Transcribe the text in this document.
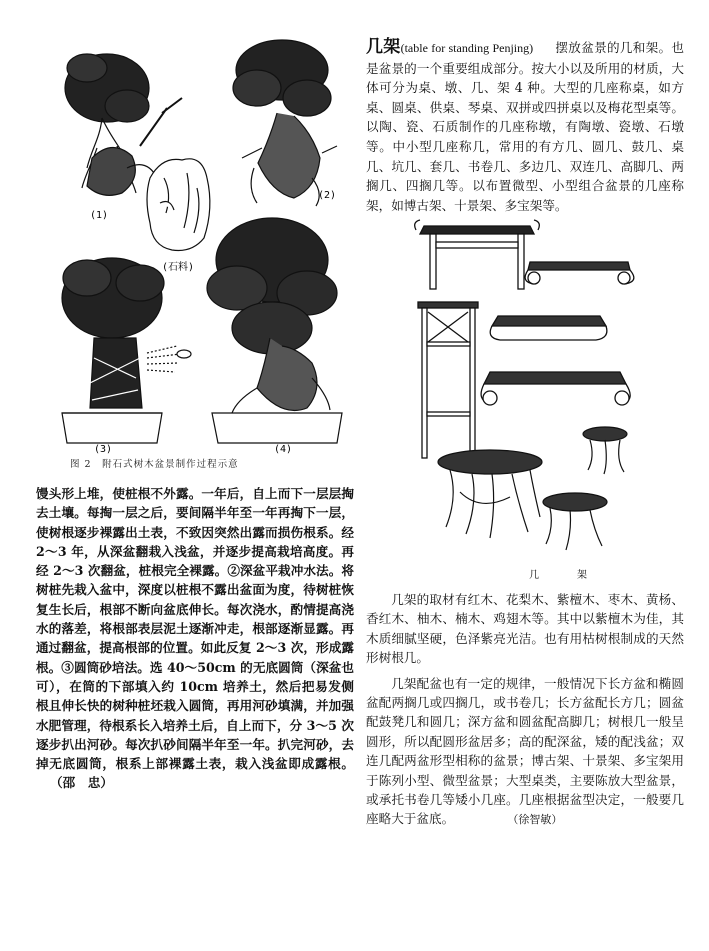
(1)
(石料)
(2)
(3)	(4)
图 2　附石式树木盆景制作过程示意

馒头形上堆，使桩根不外露。一年后，自上而下一层层掏去土壤。每掏一层之后，要间隔半年至一年再掏下一层，使树根逐步裸露出土表，不致因突然出露而损伤根系。经 2～3 年，从深盆翻栽入浅盆，并逐步提高栽培高度。再经 2～3 次翻盆，桩根完全裸露。②深盆平栽冲水法。将树桩先栽入盆中，深度以桩根不露出盆面为度，待树桩恢复生长后，根部不断向盆底伸长。每次浇水，酌情提高浇水的落差，将根部表层泥土逐渐冲走，根部逐渐显露。再通过翻盆，提高根部的位置。如此反复 2～3 次，形成露根。③圆筒砂培法。选 40～50cm 的无底圆筒（深盆也可），在筒的下部填入约 10cm 培养土，然后把易发侧根且伸长快的树种桩坯栽入圆筒，再用河砂填满，并加强水肥管理，待根系长入培养土后，自上而下，分 3～5 次逐步扒出河砂。每次扒砂间隔半年至一年。扒完河砂，去掉无底圆筒，根系上部裸露土表，栽入浅盆即成露根。 （邵　忠）

几架(table for standing Penjing) 摆放盆景的几和架。也是盆景的一个重要组成部分。按大小以及所用的材质，大体可分为桌、墩、几、架 4 种。大型的几座称桌，如方桌、圆桌、供桌、琴桌、双拼或四拼桌以及梅花型桌等。以陶、瓷、石质制作的几座称墩，有陶墩、瓷墩、石墩等。中小型几座称几，常用的有方几、圆几、鼓几、桌几、坑几、套几、书卷几、多边几、双连几、高脚几、两搁几、四搁几等。以布置微型、小型组合盆景的几座称架，如博古架、十景架、多宝架等。
几　架

几架的取材有红木、花梨木、紫檀木、枣木、黄杨、香红木、柚木、楠木、鸡翅木等。其中以紫檀木为佳，其木质细腻坚硬，色泽紫亮光洁。也有用枯树根制成的天然形树根几。

几架配盆也有一定的规律，一般情况下长方盆和椭圆盆配两搁几或四搁几，或书卷几；长方盆配长方几；圆盆配鼓凳几和圆几；深方盆和圆盆配高脚几；树根几一般呈圆形，所以配圆形盆居多；高的配深盆，矮的配浅盆；双连几配两盆形型相称的盆景；博古架、十景架、多宝架用于陈列小型、微型盆景；大型桌类，主要陈放大型盆景，或承托书卷几等矮小几座。几座根据盆型决定，一般要几座略大于盆底。	（徐智敏）
